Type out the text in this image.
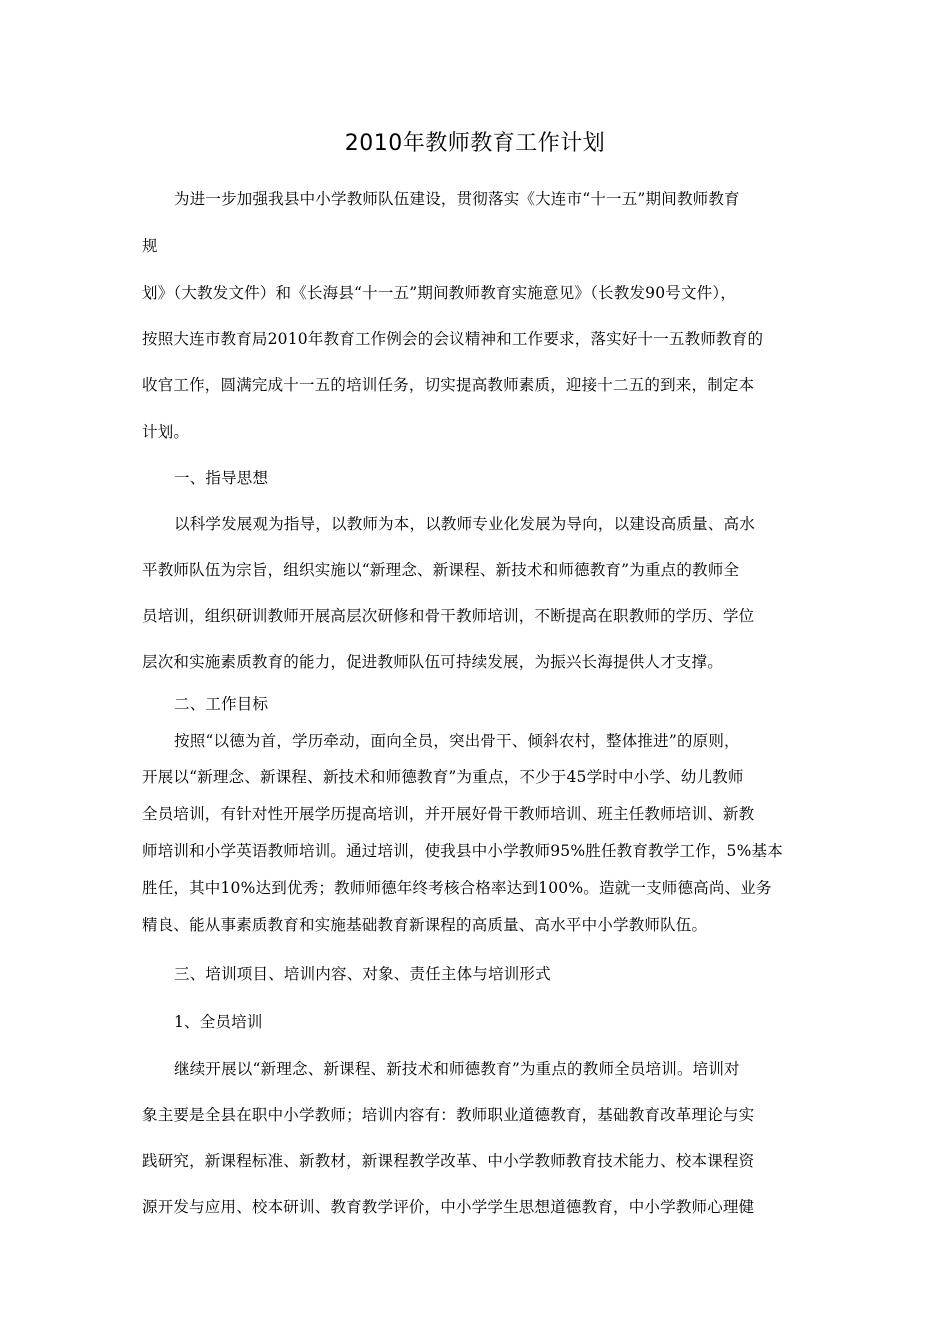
2010年教师教育工作计划
为进一步加强我县中小学教师队伍建设，贯彻落实《大连市“十一五”期间教师教育
规
划》（大教发文件）和《长海县“十一五”期间教师教育实施意见》（长教发90号文件），
按照大连市教育局2010年教育工作例会的会议精神和工作要求，落实好十一五教师教育的
收官工作，圆满完成十一五的培训任务，切实提高教师素质，迎接十二五的到来，制定本
计划。
一、指导思想
以科学发展观为指导，以教师为本，以教师专业化发展为导向，以建设高质量、高水
平教师队伍为宗旨，组织实施以“新理念、新课程、新技术和师德教育”为重点的教师全
员培训，组织研训教师开展高层次研修和骨干教师培训，不断提高在职教师的学历、学位
层次和实施素质教育的能力，促进教师队伍可持续发展，为振兴长海提供人才支撑。
二、工作目标
按照“以德为首，学历牵动，面向全员，突出骨干、倾斜农村，整体推进”的原则，
开展以“新理念、新课程、新技术和师德教育”为重点，不少于45学时中小学、幼儿教师
全员培训，有针对性开展学历提高培训，并开展好骨干教师培训、班主任教师培训、新教
师培训和小学英语教师培训。通过培训，使我县中小学教师95%胜任教育教学工作，5%基本
胜任，其中10%达到优秀；教师师德年终考核合格率达到100%。造就一支师德高尚、业务
精良、能从事素质教育和实施基础教育新课程的高质量、高水平中小学教师队伍。
三、培训项目、培训内容、对象、责任主体与培训形式
1、全员培训
继续开展以“新理念、新课程、新技术和师德教育”为重点的教师全员培训。培训对
象主要是全县在职中小学教师；培训内容有：教师职业道德教育，基础教育改革理论与实
践研究，新课程标准、新教材，新课程教学改革、中小学教师教育技术能力、校本课程资
源开发与应用、校本研训、教育教学评价，中小学学生思想道德教育，中小学教师心理健
